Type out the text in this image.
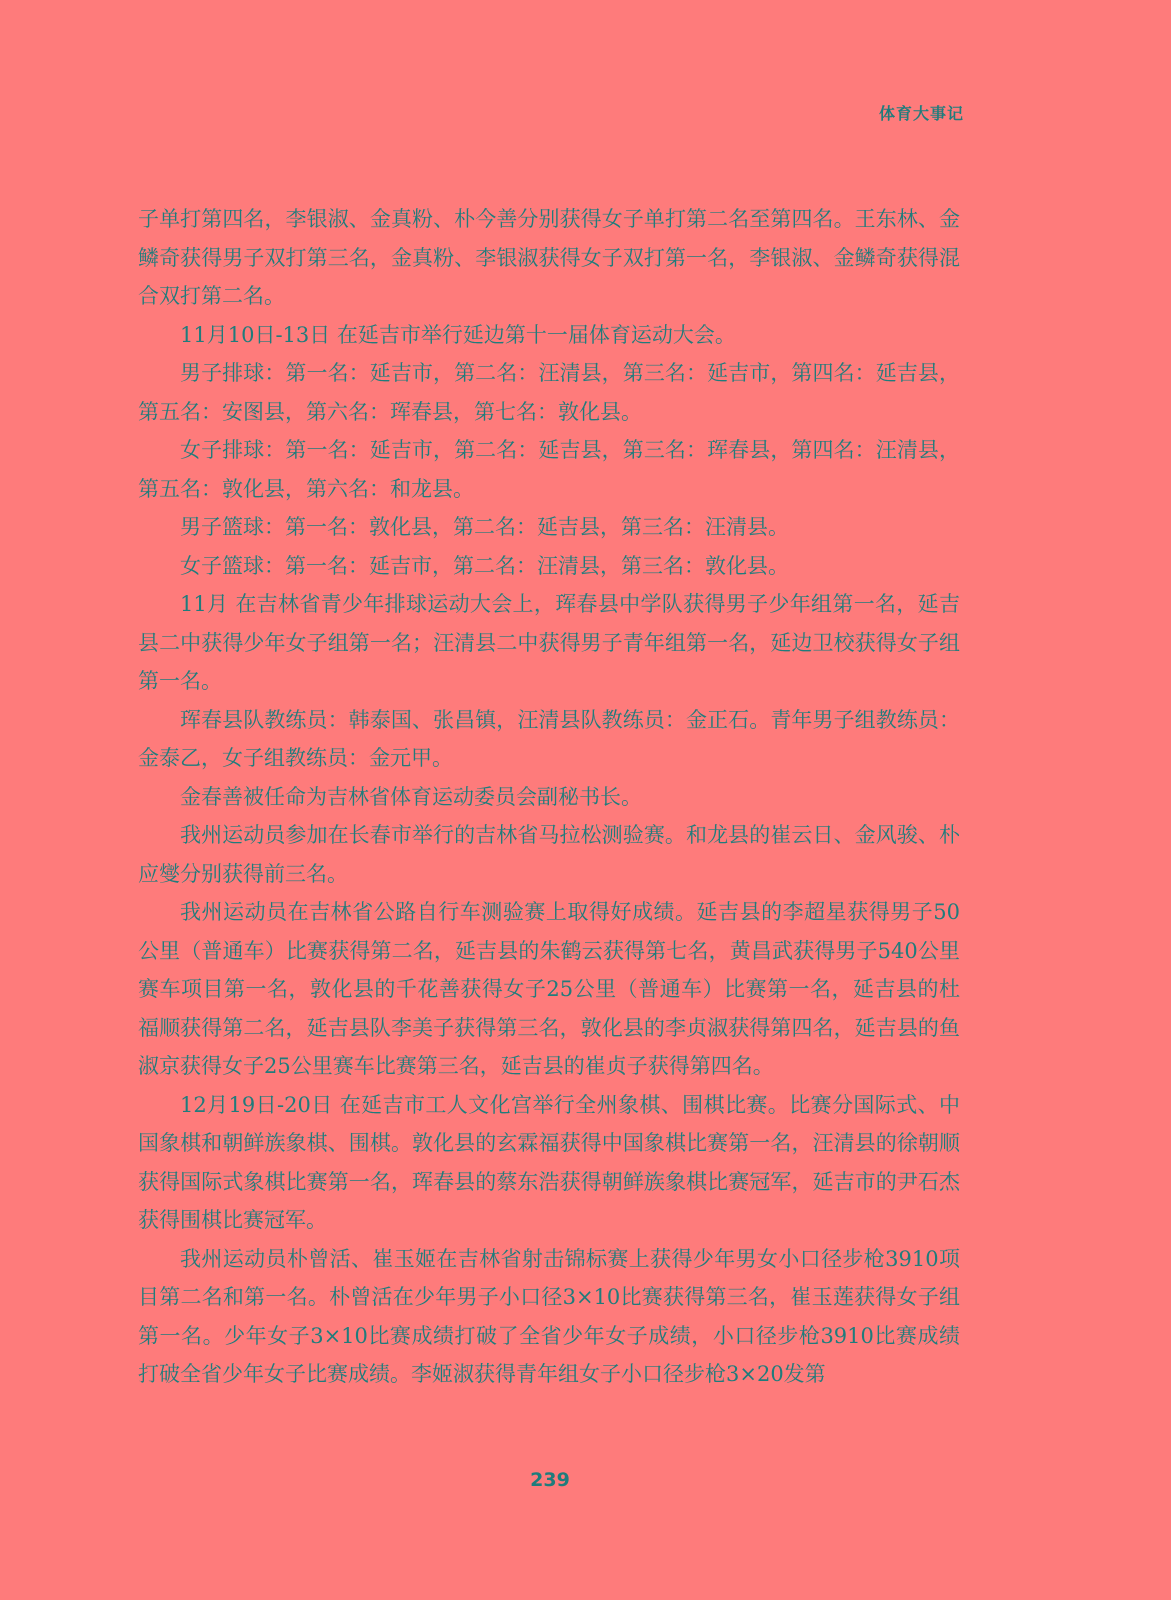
体育大事记

子单打第四名，李银淑、金真粉、朴今善分别获得女子单打第二名至第四名。王东林、金鳞奇获得男子双打第三名，金真粉、李银淑获得女子双打第一名，李银淑、金鳞奇获得混合双打第二名。

11月10日-13日 在延吉市举行延边第十一届体育运动大会。

男子排球：第一名：延吉市，第二名：汪清县，第三名：延吉市，第四名：延吉县，第五名：安图县，第六名：珲春县，第七名：敦化县。

女子排球：第一名：延吉市，第二名：延吉县，第三名：珲春县，第四名：汪清县，第五名：敦化县，第六名：和龙县。

男子篮球：第一名：敦化县，第二名：延吉县，第三名：汪清县。

女子篮球：第一名：延吉市，第二名：汪清县，第三名：敦化县。

11月 在吉林省青少年排球运动大会上，珲春县中学队获得男子少年组第一名，延吉县二中获得少年女子组第一名；汪清县二中获得男子青年组第一名，延边卫校获得女子组第一名。

珲春县队教练员：韩泰国、张昌镇，汪清县队教练员：金正石。青年男子组教练员：金泰乙，女子组教练员：金元甲。

金春善被任命为吉林省体育运动委员会副秘书长。

我州运动员参加在长春市举行的吉林省马拉松测验赛。和龙县的崔云日、金风骏、朴应燮分别获得前三名。

我州运动员在吉林省公路自行车测验赛上取得好成绩。延吉县的李超星获得男子50公里（普通车）比赛获得第二名，延吉县的朱鹤云获得第七名，黄昌武获得男子540公里赛车项目第一名，敦化县的千花善获得女子25公里（普通车）比赛第一名，延吉县的杜福顺获得第二名，延吉县队李美子获得第三名，敦化县的李贞淑获得第四名，延吉县的鱼淑京获得女子25公里赛车比赛第三名，延吉县的崔贞子获得第四名。

12月19日-20日 在延吉市工人文化宫举行全州象棋、围棋比赛。比赛分国际式、中国象棋和朝鲜族象棋、围棋。敦化县的玄霖福获得中国象棋比赛第一名，汪清县的徐朝顺获得国际式象棋比赛第一名，珲春县的蔡东浩获得朝鲜族象棋比赛冠军，延吉市的尹石杰获得围棋比赛冠军。

我州运动员朴曾活、崔玉姬在吉林省射击锦标赛上获得少年男女小口径步枪3910项目第二名和第一名。朴曾活在少年男子小口径3×10比赛获得第三名，崔玉莲获得女子组第一名。少年女子3×10比赛成绩打破了全省少年女子成绩，小口径步枪3910比赛成绩打破全省少年女子比赛成绩。李姬淑获得青年组女子小口径步枪3×20发第

239
